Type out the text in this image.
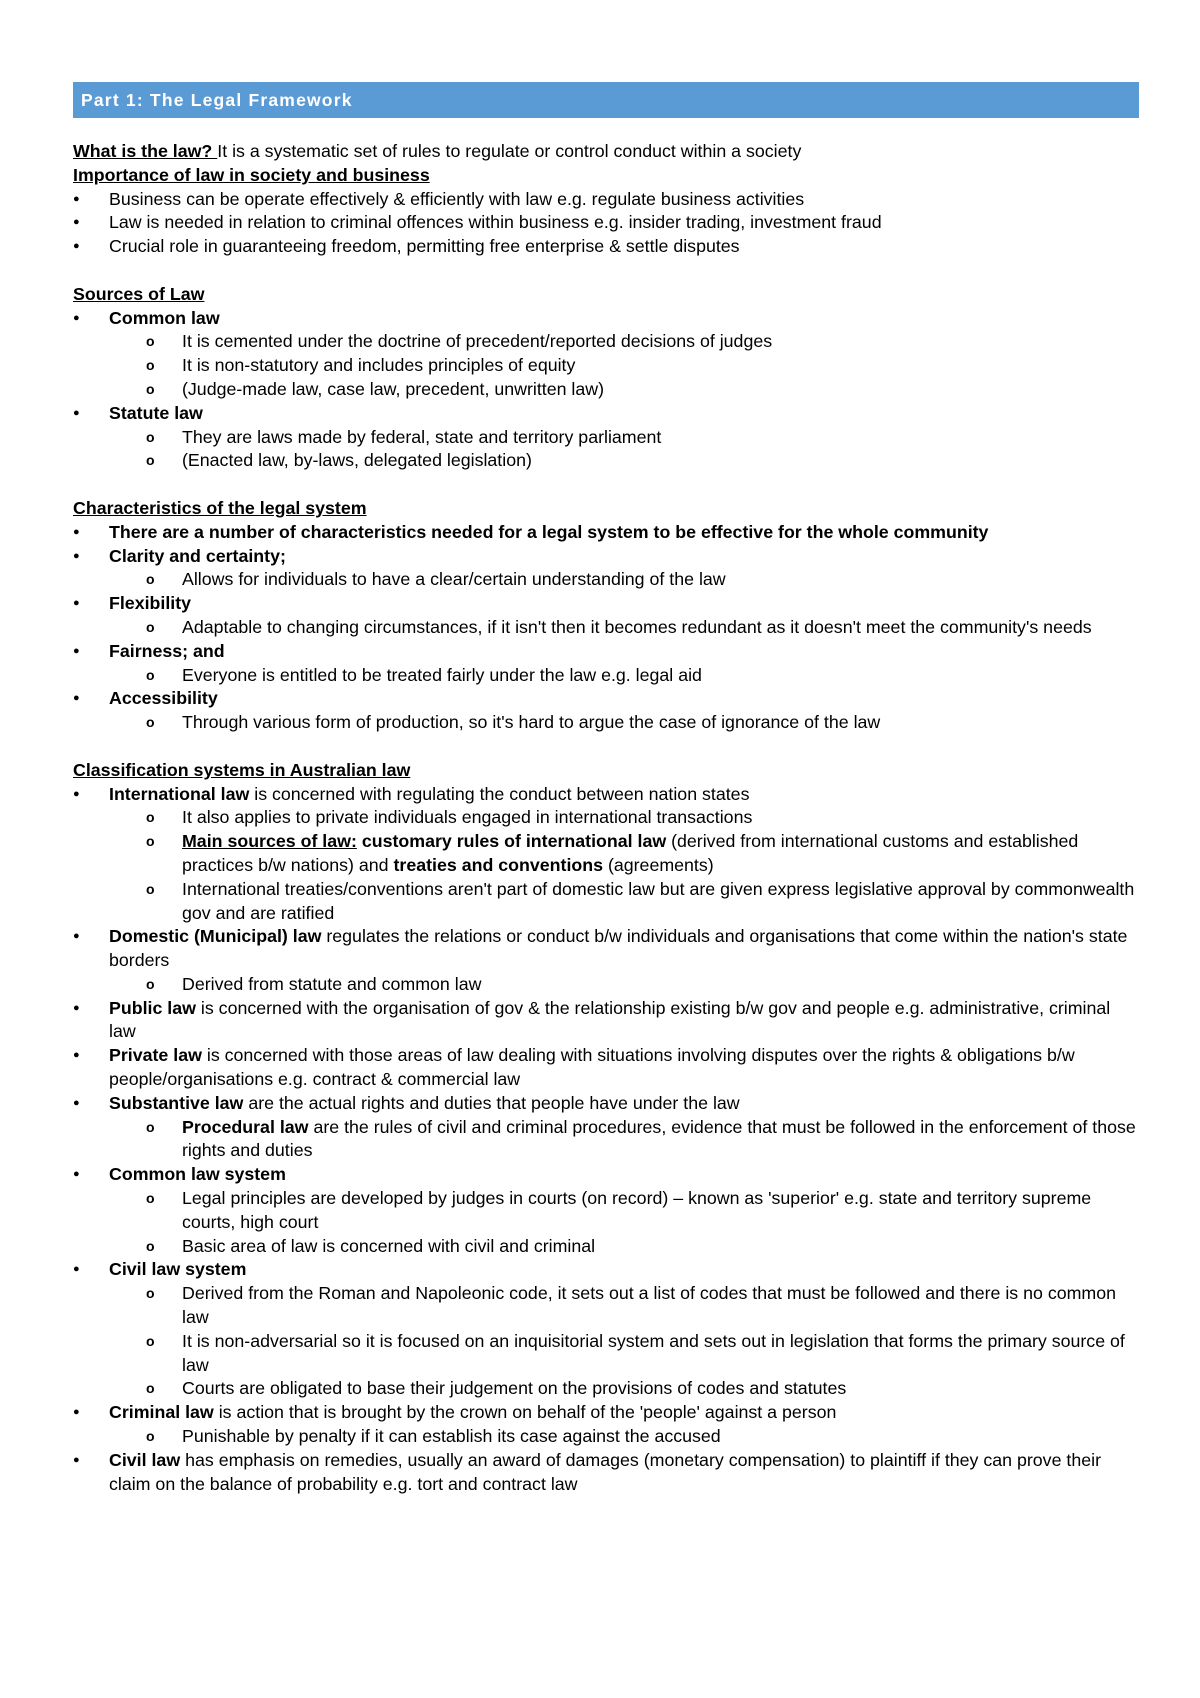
Part 1: The Legal Framework

What is the law? It is a systematic set of rules to regulate or control conduct within a society

Importance of law in society and business

● Business can be operate effectively & efficiently with law e.g. regulate business activities

● Law is needed in relation to criminal offences within business e.g. insider trading, investment fraud

● Crucial role in guaranteeing freedom, permitting free enterprise & settle disputes

Sources of Law

● Common law

o It is cemented under the doctrine of precedent/reported decisions of judges

o It is non-statutory and includes principles of equity

o (Judge-made law, case law, precedent, unwritten law)

● Statute law

o They are laws made by federal, state and territory parliament

o (Enacted law, by-laws, delegated legislation)

Characteristics of the legal system

● There are a number of characteristics needed for a legal system to be effective for the whole community

● Clarity and certainty;

o Allows for individuals to have a clear/certain understanding of the law

● Flexibility

o Adaptable to changing circumstances, if it isn't then it becomes redundant as it doesn't meet the community's needs

● Fairness; and

o Everyone is entitled to be treated fairly under the law e.g. legal aid

● Accessibility

o Through various form of production, so it's hard to argue the case of ignorance of the law

Classification systems in Australian law

● International law is concerned with regulating the conduct between nation states

o It also applies to private individuals engaged in international transactions

o Main sources of law: customary rules of international law (derived from international customs and established practices b/w nations) and treaties and conventions (agreements)

o International treaties/conventions aren't part of domestic law but are given express legislative approval by commonwealth gov and are ratified

● Domestic (Municipal) law regulates the relations or conduct b/w individuals and organisations that come within the nation's state borders

o Derived from statute and common law

● Public law is concerned with the organisation of gov & the relationship existing b/w gov and people e.g. administrative, criminal law

● Private law is concerned with those areas of law dealing with situations involving disputes over the rights & obligations b/w people/organisations e.g. contract & commercial law

● Substantive law are the actual rights and duties that people have under the law

o Procedural law are the rules of civil and criminal procedures, evidence that must be followed in the enforcement of those rights and duties

● Common law system

o Legal principles are developed by judges in courts (on record) – known as 'superior' e.g. state and territory supreme courts, high court

o Basic area of law is concerned with civil and criminal

● Civil law system

o Derived from the Roman and Napoleonic code, it sets out a list of codes that must be followed and there is no common law

o It is non-adversarial so it is focused on an inquisitorial system and sets out in legislation that forms the primary source of law

o Courts are obligated to base their judgement on the provisions of codes and statutes

● Criminal law is action that is brought by the crown on behalf of the 'people' against a person

o Punishable by penalty if it can establish its case against the accused

● Civil law has emphasis on remedies, usually an award of damages (monetary compensation) to plaintiff if they can prove their claim on the balance of probability e.g. tort and contract law
